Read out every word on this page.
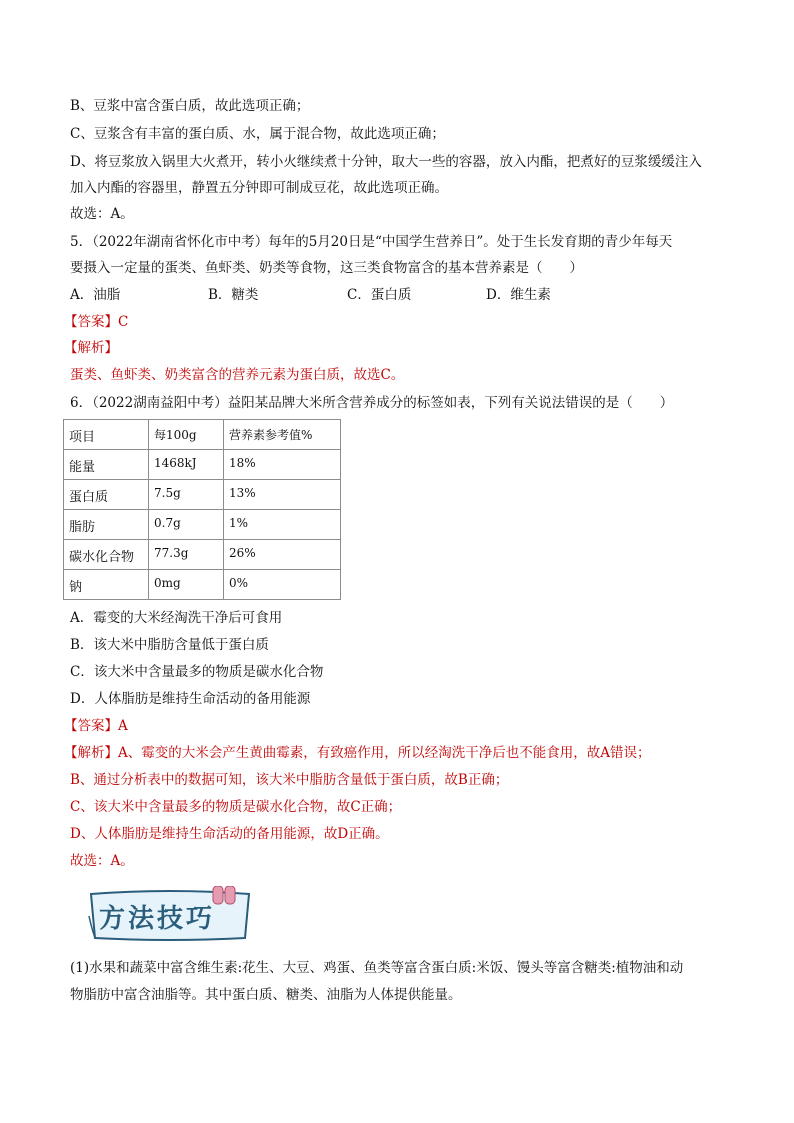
B、豆浆中富含蛋白质，故此选项正确；
C、豆浆含有丰富的蛋白质、水，属于混合物，故此选项正确；
D、将豆浆放入锅里大火煮开，转小火继续煮十分钟，取大一些的容器，放入内酯，把煮好的豆浆缓缓注入
加入内酯的容器里，静置五分钟即可制成豆花，故此选项正确。
故选：A。
5．（2022年湖南省怀化市中考）每年的5月20日是“中国学生营养日”。处于生长发育期的青少年每天
要摄入一定量的蛋类、鱼虾类、奶类等食物，这三类食物富含的基本营养素是（　　）
A．油脂	B．糖类	C．蛋白质	D．维生素
【答案】C
【解析】
蛋类、鱼虾类、奶类富含的营养元素为蛋白质，故选C。
6．（2022湖南益阳中考）益阳某品牌大米所含营养成分的标签如表，下列有关说法错误的是（　　）
项目	每100g	营养素参考值%
能量	1468kJ	18%
蛋白质	7.5g	13%
脂肪	0.7g	1%
碳水化合物	77.3g	26%
钠	0mg	0%
A．霉变的大米经淘洗干净后可食用
B．该大米中脂肪含量低于蛋白质
C．该大米中含量最多的物质是碳水化合物
D．人体脂肪是维持生命活动的备用能源
【答案】A
【解析】A、霉变的大米会产生黄曲霉素，有致癌作用，所以经淘洗干净后也不能食用，故A错误；
B、通过分析表中的数据可知，该大米中脂肪含量低于蛋白质，故B正确；
C、该大米中含量最多的物质是碳水化合物，故C正确；
D、人体脂肪是维持生命活动的备用能源，故D正确。
故选：A。
方法技巧
(1)水果和蔬菜中富含维生素:花生、大豆、鸡蛋、鱼类等富含蛋白质:米饭、馒头等富含糖类:植物油和动
物脂肪中富含油脂等。其中蛋白质、糖类、油脂为人体提供能量。
